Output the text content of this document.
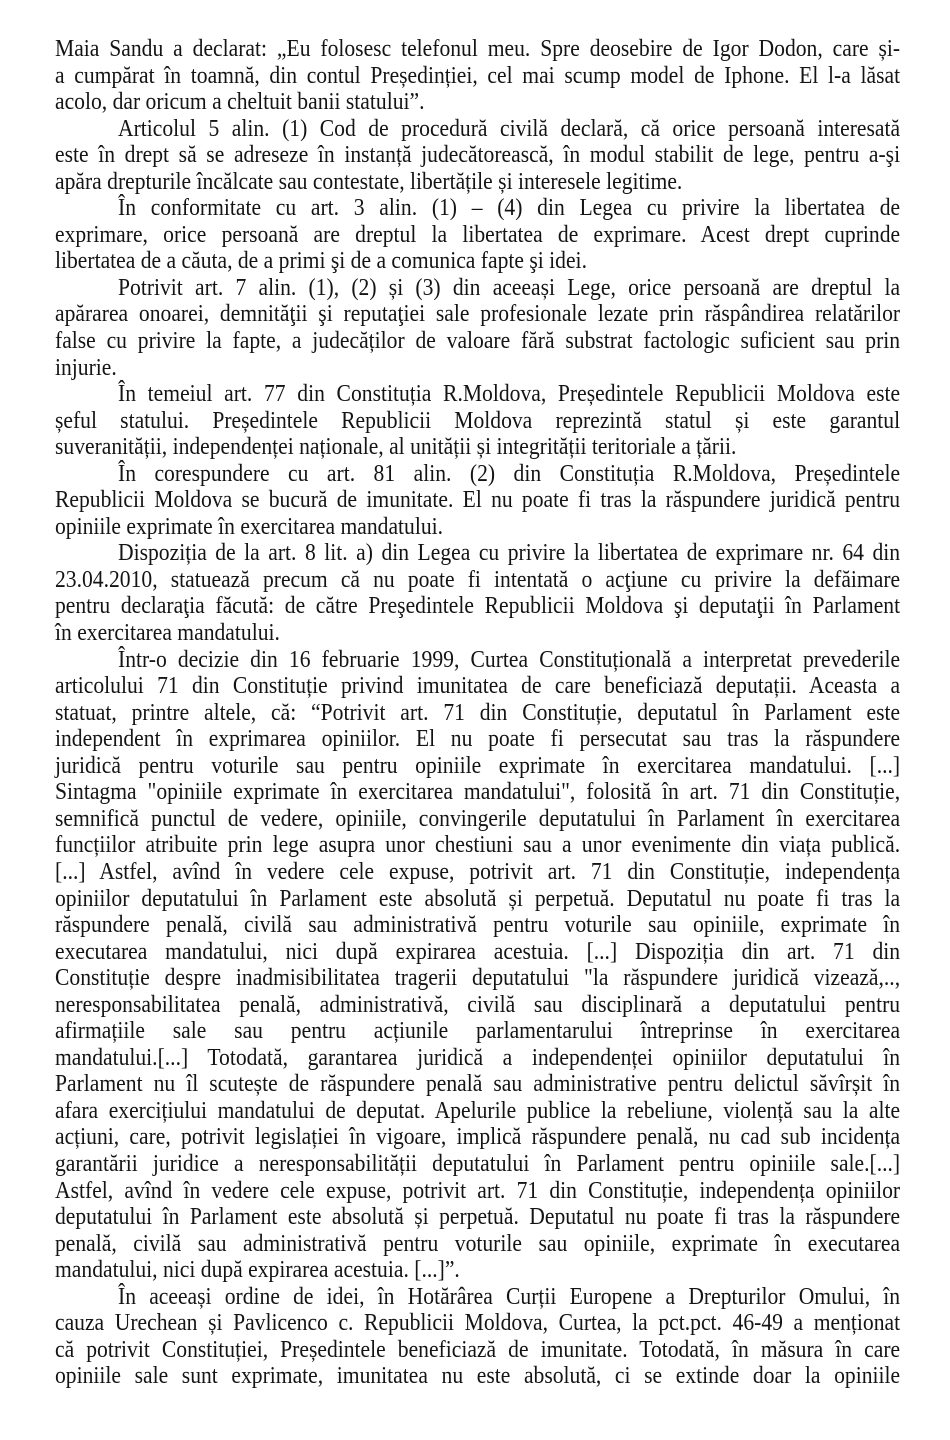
Maia Sandu a declarat: „Eu folosesc telefonul meu. Spre deosebire de Igor Dodon, care și-
a cumpărat în toamnă, din contul Președinției, cel mai scump model de Iphone. El l-a lăsat
acolo, dar oricum a cheltuit banii statului”.
Articolul 5 alin. (1) Cod de procedură civilă declară, că orice persoană interesată
este în drept să se adreseze în instanță judecătorească, în modul stabilit de lege, pentru a-şi
apăra drepturile încălcate sau contestate, libertățile și interesele legitime.
În conformitate cu art. 3 alin. (1) – (4) din Legea cu privire la libertatea de
exprimare, orice persoană are dreptul la libertatea de exprimare. Acest drept cuprinde
libertatea de a căuta, de a primi şi de a comunica fapte şi idei.
Potrivit art. 7 alin. (1), (2) și (3) din aceeași Lege, orice persoană are dreptul la
apărarea onoarei, demnităţii şi reputaţiei sale profesionale lezate prin răspândirea relatărilor
false cu privire la fapte, a judecăților de valoare fără substrat factologic suficient sau prin
injurie.
În temeiul art. 77 din Constituția R.Moldova, Președintele Republicii Moldova este
șeful statului. Președintele Republicii Moldova reprezintă statul și este garantul
suveranității, independenței naționale, al unității și integrității teritoriale a țării.
În corespundere cu art. 81 alin. (2) din Constituția R.Moldova, Președintele
Republicii Moldova se bucură de imunitate. El nu poate fi tras la răspundere juridică pentru
opiniile exprimate în exercitarea mandatului.
Dispoziția de la art. 8 lit. a) din Legea cu privire la libertatea de exprimare nr. 64 din
23.04.2010, statuează precum că nu poate fi intentată o acţiune cu privire la defăimare
pentru declaraţia făcută: de către Preşedintele Republicii Moldova şi deputaţii în Parlament
în exercitarea mandatului.
Într-o decizie din 16 februarie 1999, Curtea Constituțională a interpretat prevederile
articolului 71 din Constituție privind imunitatea de care beneficiază deputații. Aceasta a
statuat, printre altele, că: “Potrivit art. 71 din Constituție, deputatul în Parlament este
independent în exprimarea opiniilor. El nu poate fi persecutat sau tras la răspundere
juridică pentru voturile sau pentru opiniile exprimate în exercitarea mandatului. [...]
Sintagma "opiniile exprimate în exercitarea mandatului", folosită în art. 71 din Constituție,
semnifică punctul de vedere, opiniile, convingerile deputatului în Parlament în exercitarea
funcțiilor atribuite prin lege asupra unor chestiuni sau a unor evenimente din viața publică.
[...] Astfel, avînd în vedere cele expuse, potrivit art. 71 din Constituție, independența
opiniilor deputatului în Parlament este absolută și perpetuă. Deputatul nu poate fi tras la
răspundere penală, civilă sau administrativă pentru voturile sau opiniile, exprimate în
executarea mandatului, nici după expirarea acestuia. [...] Dispoziția din art. 71 din
Constituție despre inadmisibilitatea tragerii deputatului "la răspundere juridică vizează,..,
neresponsabilitatea penală, administrativă, civilă sau disciplinară a deputatului pentru
afirmațiile sale sau pentru acțiunile parlamentarului întreprinse în exercitarea
mandatului.[...] Totodată, garantarea juridică a independenței opiniilor deputatului în
Parlament nu îl scutește de răspundere penală sau administrative pentru delictul săvîrșit în
afara exercițiului mandatului de deputat. Apelurile publice la rebeliune, violență sau la alte
acțiuni, care, potrivit legislației în vigoare, implică răspundere penală, nu cad sub incidența
garantării juridice a neresponsabilității deputatului în Parlament pentru opiniile sale.[...]
Astfel, avînd în vedere cele expuse, potrivit art. 71 din Constituție, independența opiniilor
deputatului în Parlament este absolută și perpetuă. Deputatul nu poate fi tras la răspundere
penală, civilă sau administrativă pentru voturile sau opiniile, exprimate în executarea
mandatului, nici după expirarea acestuia. [...]”.
În aceeași ordine de idei, în Hotărârea Curții Europene a Drepturilor Omului, în
cauza Urechean și Pavlicenco c. Republicii Moldova, Curtea, la pct.pct. 46-49 a menționat
că potrivit Constituției, Președintele beneficiază de imunitate. Totodată, în măsura în care
opiniile sale sunt exprimate, imunitatea nu este absolută, ci se extinde doar la opiniile
